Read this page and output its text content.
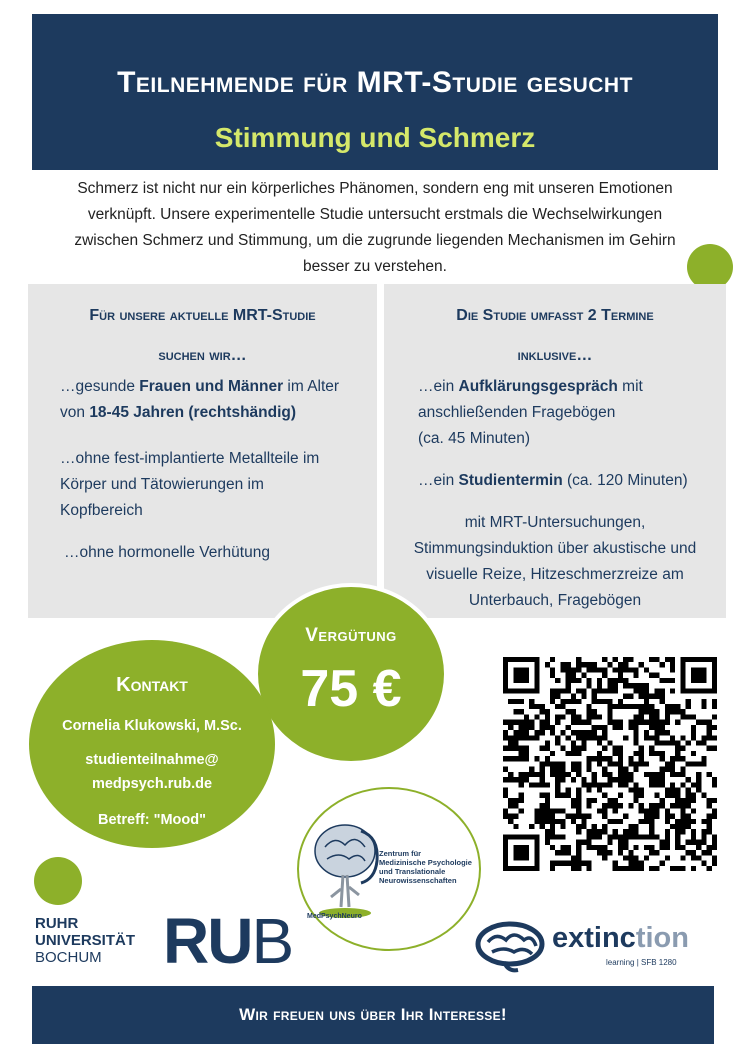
Teilnehmende für MRT-Studie gesucht
Stimmung und Schmerz
Schmerz ist nicht nur ein körperliches Phänomen, sondern eng mit unseren Emotionen
verknüpft. Unsere experimentelle Studie untersucht erstmals die Wechselwirkungen
zwischen Schmerz und Stimmung, um die zugrunde liegenden Mechanismen im Gehirn
besser zu verstehen.
Für unsere aktuelle MRT-Studie
suchen wir…
…gesunde Frauen und Männer im Alter
von 18-45 Jahren (rechtshändig)
…ohne fest-implantierte Metallteile im
Körper und Tätowierungen im
Kopfbereich
…ohne hormonelle Verhütung
Die Studie umfasst 2 Termine
inklusive…
…ein Aufklärungsgespräch mit
anschließenden Fragebögen
(ca. 45 Minuten)
…ein Studientermin (ca. 120 Minuten)
mit MRT-Untersuchungen,
Stimmungsinduktion über akustische und
visuelle Reize, Hitzeschmerzreize am
Unterbauch, Fragebögen
Vergütung
75 €
Kontakt
Cornelia Klukowski, M.Sc.
studienteilnahme@
medpsych.rub.de
Betreff: "Mood"
Zentrum für
Medizinische Psychologie
und Translationale
Neurowissenschaften
MedPsychNeuro
RUHR
UNIVERSITÄT
BOCHUM RUB	extinction
learning | SFB 1280
Wir freuen uns über Ihr Interesse!
